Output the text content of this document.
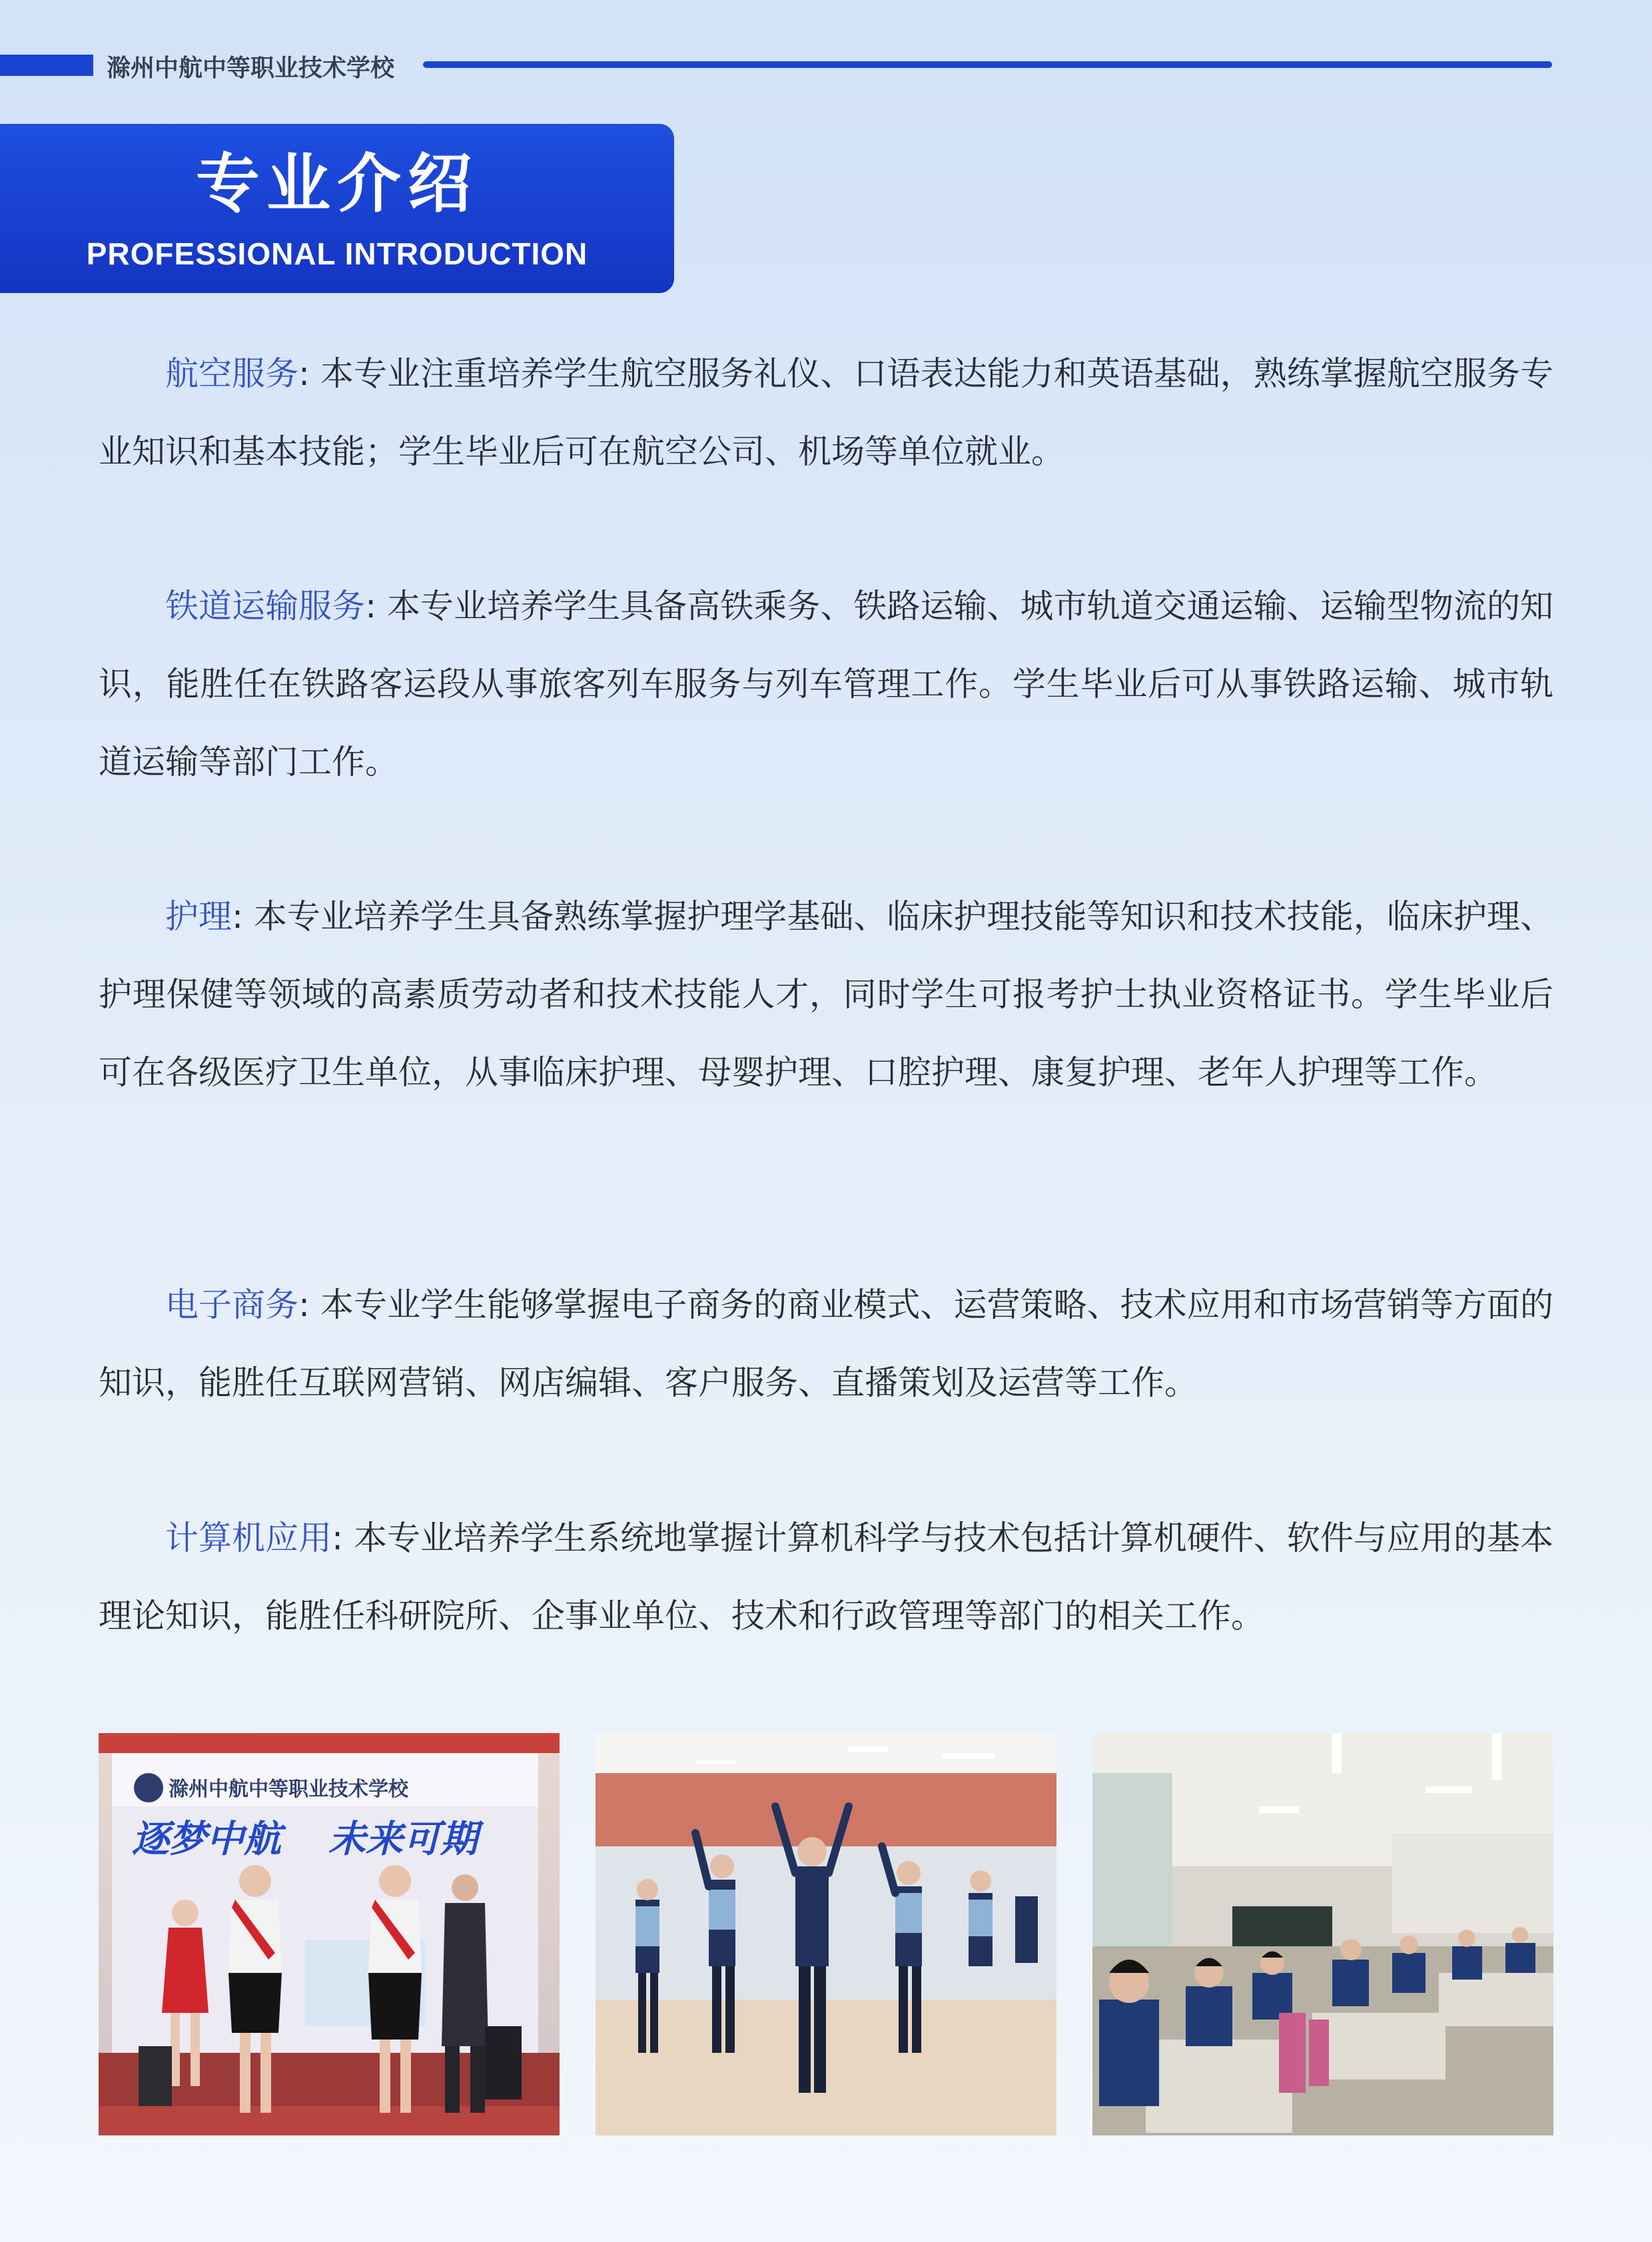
滁州中航中等职业技术学校
专业介绍
PROFESSIONAL INTRODUCTION

航空服务: 本专业注重培养学生航空服务礼仪、口语表达能力和英语基础，熟练掌握航空服务专业知识和基本技能；学生毕业后可在航空公司、机场等单位就业。

铁道运输服务: 本专业培养学生具备高铁乘务、铁路运输、城市轨道交通运输、运输型物流的知识，能胜任在铁路客运段从事旅客列车服务与列车管理工作。学生毕业后可从事铁路运输、城市轨道运输等部门工作。

护理: 本专业培养学生具备熟练掌握护理学基础、临床护理技能等知识和技术技能，临床护理、护理保健等领域的高素质劳动者和技术技能人才，同时学生可报考护士执业资格证书。学生毕业后可在各级医疗卫生单位，从事临床护理、母婴护理、口腔护理、康复护理、老年人护理等工作。

电子商务: 本专业学生能够掌握电子商务的商业模式、运营策略、技术应用和市场营销等方面的知识，能胜任互联网营销、网店编辑、客户服务、直播策划及运营等工作。

计算机应用: 本专业培养学生系统地掌握计算机科学与技术包括计算机硬件、软件与应用的基本理论知识，能胜任科研院所、企事业单位、技术和行政管理等部门的相关工作。

滁州中航中等职业技术学校
逐梦中航 未来可期
